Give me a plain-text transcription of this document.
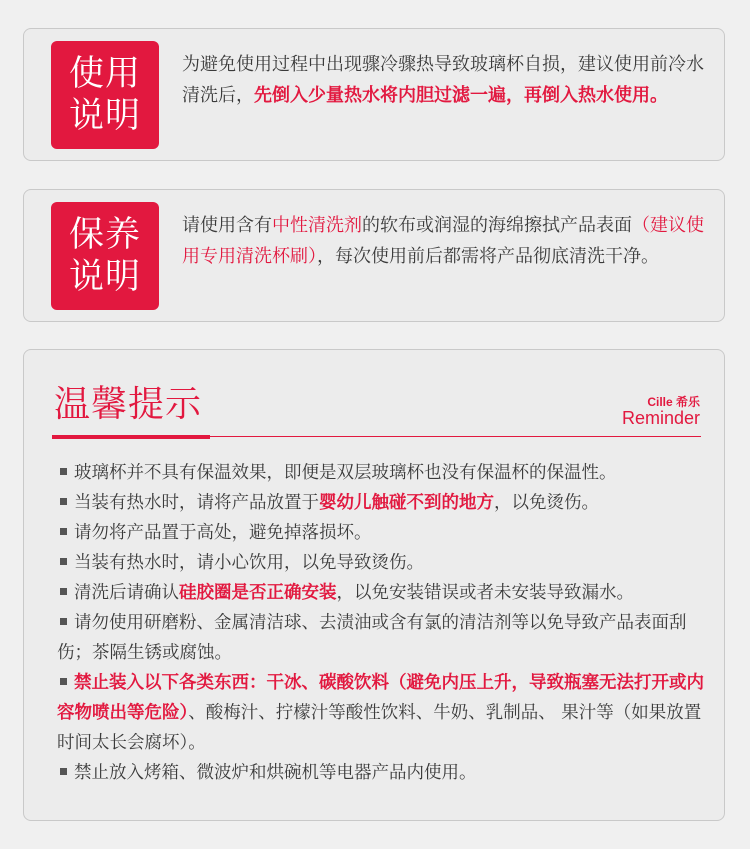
使用
说明
为避免使用过程中出现骤冷骤热导致玻璃杯自损，建议使用前冷水清洗后，先倒入少量热水将内胆过滤一遍，再倒入热水使用。
保养
说明
请使用含有中性清洗剂的软布或润湿的海绵擦拭产品表面（建议使用专用清洗杯刷），每次使用前后都需将产品彻底清洗干净。
温馨提示	Cille 希乐
Reminder
玻璃杯并不具有保温效果，即便是双层玻璃杯也没有保温杯的保温性。
当装有热水时，请将产品放置于婴幼儿触碰不到的地方，以免烫伤。
请勿将产品置于高处，避免掉落损坏。
当装有热水时，请小心饮用，以免导致烫伤。
清洗后请确认硅胶圈是否正确安装，以免安装错误或者未安装导致漏水。
请勿使用研磨粉、金属清洁球、去渍油或含有氯的清洁剂等以免导致产品表面刮伤；茶隔生锈或腐蚀。
禁止装入以下各类东西：干冰、碳酸饮料（避免内压上升，导致瓶塞无法打开或内容物喷出等危险）、酸梅汁、拧檬汁等酸性饮料、牛奶、乳制品、 果汁等（如果放置时间太长会腐坏）。
禁止放入烤箱、微波炉和烘碗机等电器产品内使用。
